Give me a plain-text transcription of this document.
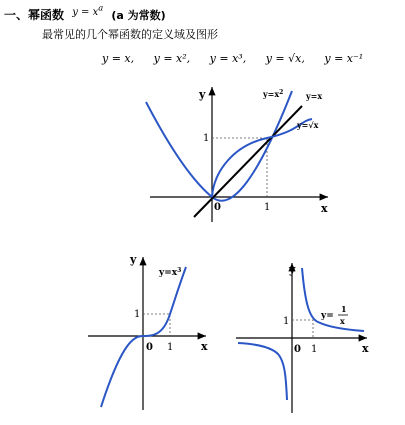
一、幂函数 $^{y = x^a}$ (a 为常数)
最常见的几个幂函数的定义域及图形
y = x, y = x², y = x³, y = √x, y = x⁻¹
y
x
0
1
1
$y=x^2$	y=x
y=√x
y
x
0
1
1
$y=x^3$	y
x
0
1
1
y=
1
x
